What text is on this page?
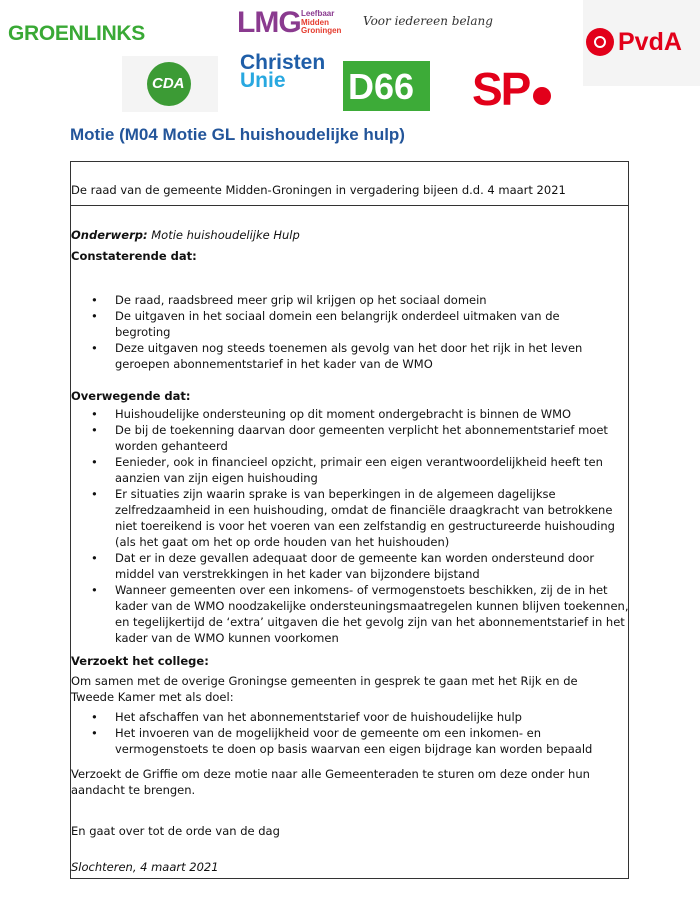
GROENLINKS	LMG Leefbaar
Midden
Groningen
Voor iedereen belang
PvdA
CDA
Christen
Unie	D66 SP
Motie (M04 Motie GL huishoudelijke hulp)
De raad van de gemeente Midden-Groningen in vergadering bijeen d.d. 4 maart 2021
Onderwerp: Motie huishoudelijke Hulp
Constaterende dat:
• De raad, raadsbreed meer grip wil krijgen op het sociaal domein
• De uitgaven in het sociaal domein een belangrijk onderdeel uitmaken van de begroting
• Deze uitgaven nog steeds toenemen als gevolg van het door het rijk in het leven geroepen abonnementstarief in het kader van de WMO
Overwegende dat:
• Huishoudelijke ondersteuning op dit moment ondergebracht is binnen de WMO
• De bij de toekenning daarvan door gemeenten verplicht het abonnementstarief moet worden gehanteerd
• Eenieder, ook in financieel opzicht, primair een eigen verantwoordelijkheid heeft ten aanzien van zijn eigen huishouding
• Er situaties zijn waarin sprake is van beperkingen in de algemeen dagelijkse zelfredzaamheid in een huishouding, omdat de financiële draagkracht van betrokkene niet toereikend is voor het voeren van een zelfstandig en gestructureerde huishouding (als het gaat om het op orde houden van het huishouden)
• Dat er in deze gevallen adequaat door de gemeente kan worden ondersteund door middel van verstrekkingen in het kader van bijzondere bijstand
• Wanneer gemeenten over een inkomens- of vermogenstoets beschikken, zij de in het kader van de WMO noodzakelijke ondersteuningsmaatregelen kunnen blijven toekennen, en tegelijkertijd de ‘extra’ uitgaven die het gevolg zijn van het abonnementstarief in het kader van de WMO kunnen voorkomen
Verzoekt het college:
Om samen met de overige Groningse gemeenten in gesprek te gaan met het Rijk en de Tweede Kamer met als doel:
• Het afschaffen van het abonnementstarief voor de huishoudelijke hulp
• Het invoeren van de mogelijkheid voor de gemeente om een inkomen- en vermogenstoets te doen op basis waarvan een eigen bijdrage kan worden bepaald
Verzoekt de Griffie om deze motie naar alle Gemeenteraden te sturen om deze onder hun aandacht te brengen.
En gaat over tot de orde van de dag
Slochteren, 4 maart 2021
